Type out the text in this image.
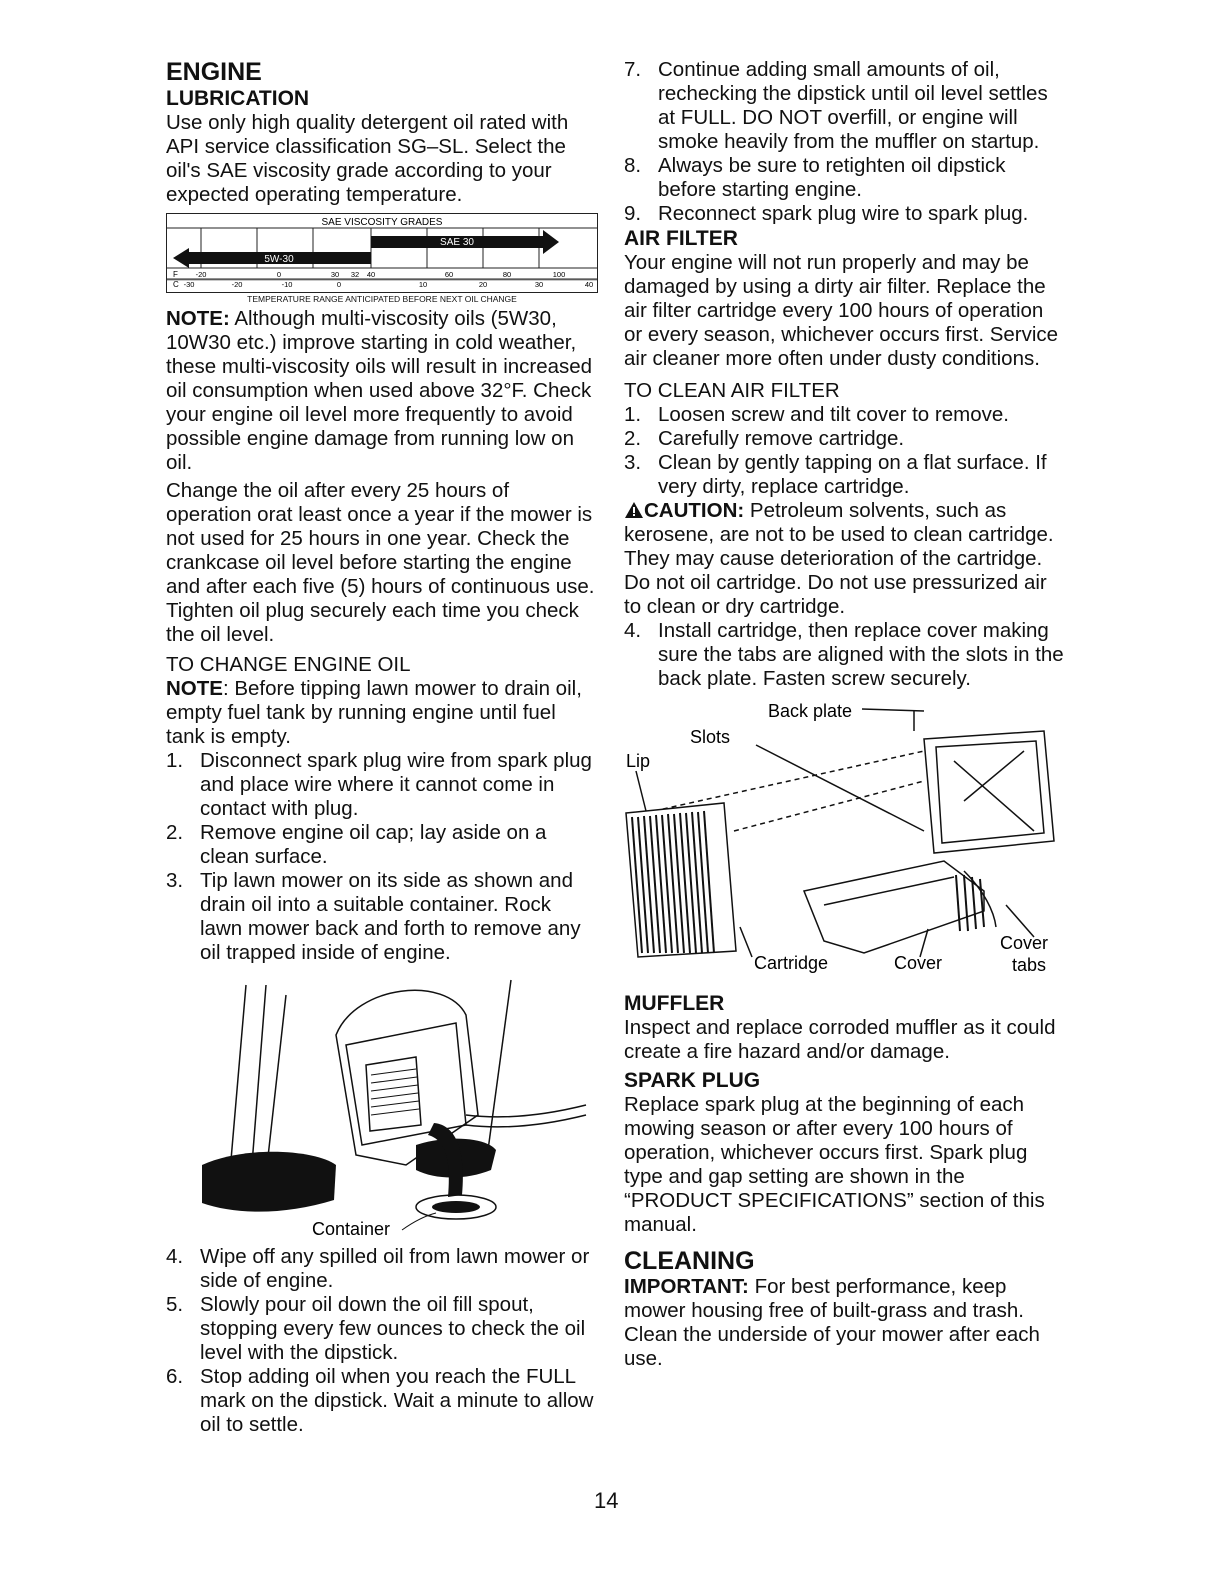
ENGINE
LUBRICATION

Use only high quality detergent oil rated with API service classification SG–SL. Select the oil's SAE viscosity grade according to your expected operating temperature.

SAE VISCOSITY GRADES
5W-30
SAE 30
F -20	0	30 32 40	60	80	100
C -30	-20	-10	0	10	20	30	40
TEMPERATURE RANGE ANTICIPATED BEFORE NEXT OIL CHANGE

NOTE: Although multi-viscosity oils (5W30, 10W30 etc.) improve starting in cold weather, these multi-viscosity oils will result in increased oil consumption when used above 32°F. Check your engine oil level more frequently to avoid possible engine damage from running low on oil.

Change the oil after every 25 hours of operation orat least once a year if the mower is not used for 25 hours in one year. Check the crankcase oil level before starting the engine and after each five (5) hours of continuous use. Tighten oil plug securely each time you check the oil level.

TO CHANGE ENGINE OIL

NOTE: Before tipping lawn mower to drain oil, empty fuel tank by running engine until fuel tank is empty.

1. Disconnect spark plug wire from spark plug and place wire where it cannot come in contact with plug.
2. Remove engine oil cap; lay aside on a clean surface.
3. Tip lawn mower on its side as shown and drain oil into a suitable container. Rock lawn mower back and forth to remove any oil trapped inside of engine.
Container
4. Wipe off any spilled oil from lawn mower or side of engine.
5. Slowly pour oil down the oil fill spout, stopping every few ounces to check the oil level with the dipstick.
6. Stop adding oil when you reach the FULL mark on the dipstick. Wait a minute to allow oil to settle.
7. Continue adding small amounts of oil, rechecking the dipstick until oil level settles at FULL. DO NOT overfill, or engine will smoke heavily from the muffler on startup.
8. Always be sure to retighten oil dipstick before starting engine.
9. Reconnect spark plug wire to spark plug.
AIR FILTER

Your engine will not run properly and may be damaged by using a dirty air filter. Replace the air filter cartridge every 100 hours of operation or every season, whichever occurs first. Service air cleaner more often under dusty conditions.

TO CLEAN AIR FILTER
1. Loosen screw and tilt cover to remove.
2. Carefully remove cartridge.
3. Clean by gently tapping on a flat surface. If very dirty, replace cartridge.

CAUTION: Petroleum solvents, such as kerosene, are not to be used to clean cartridge. They may cause deterioration of the cartridge. Do not oil cartridge. Do not use pressurized air to clean or dry cartridge.

4. Install cartridge, then replace cover making sure the tabs are aligned with the slots in the back plate. Fasten screw securely.
Back plate
Slots
Lip
Cartridge	Cover
Cover
tabs
MUFFLER

Inspect and replace corroded muffler as it could create a fire hazard and/or damage.

SPARK PLUG

Replace spark plug at the beginning of each mowing season or after every 100 hours of operation, whichever occurs first. Spark plug type and gap setting are shown in the “PRODUCT SPECIFICATIONS” section of this manual.

CLEANING

IMPORTANT: For best performance, keep mower housing free of built-grass and trash. Clean the underside of your mower after each use.

14
